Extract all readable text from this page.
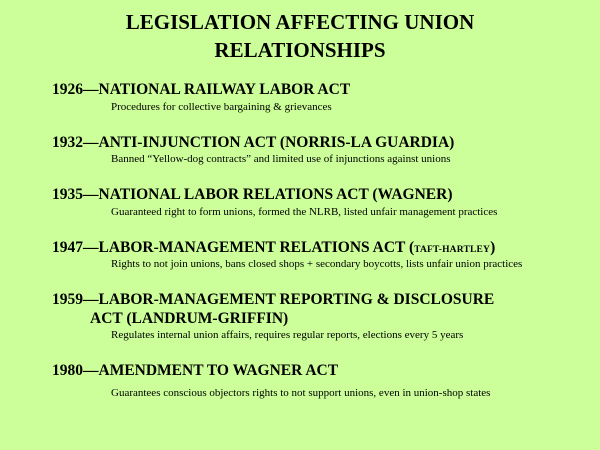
LEGISLATION AFFECTING UNION
RELATIONSHIPS
1926—NATIONAL RAILWAY LABOR ACT
Procedures for collective bargaining & grievances
1932—ANTI-INJUNCTION ACT (NORRIS-LA GUARDIA)
Banned “Yellow-dog contracts” and limited use of injunctions against unions
1935—NATIONAL LABOR RELATIONS ACT (WAGNER)
Guaranteed right to form unions, formed the NLRB, listed unfair management practices
1947—LABOR-MANAGEMENT RELATIONS ACT (TAFT-HARTLEY)
Rights to not join unions, bans closed shops + secondary boycotts, lists unfair union practices
1959—LABOR-MANAGEMENT REPORTING & DISCLOSURE
ACT (LANDRUM-GRIFFIN)
Regulates internal union affairs, requires regular reports, elections every 5 years
1980—AMENDMENT TO WAGNER ACT
Guarantees conscious objectors rights to not support unions, even in union-shop states
